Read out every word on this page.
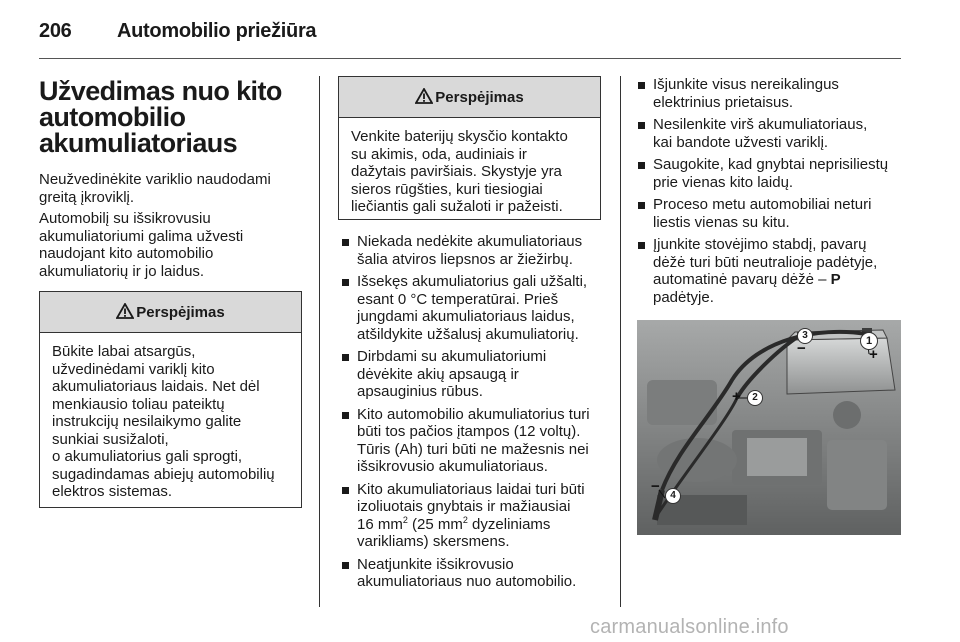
206 Automobilio priežiūra
Užvedimas nuo kito
automobilio
akumuliatoriaus
Neužvedinėkite variklio naudodami
greitą įkroviklį.
Automobilį su išsikrovusiu
akumuliatoriumi galima užvesti
naudojant kito automobilio
akumuliatorių ir jo laidus.
Perspėjimas
Būkite labai atsargūs,
užvedinėdami variklį kito
akumuliatoriaus laidais. Net dėl
menkiausio toliau pateiktų
instrukcijų nesilaikymo galite
sunkiai susižaloti,
o akumuliatorius gali sprogti,
sugadindamas abiejų automobilių
elektros sistemas.
Perspėjimas
Venkite baterijų skysčio kontakto
su akimis, oda, audiniais ir
dažytais paviršiais. Skystyje yra
sieros rūgšties, kuri tiesiogiai
liečiantis gali sužaloti ir pažeisti.
Niekada nedėkite akumuliatoriaus
šalia atviros liepsnos ar žiežirbų.
Išsekęs akumuliatorius gali užšalti,
esant 0 °C temperatūrai. Prieš
jungdami akumuliatoriaus laidus,
atšildykite užšalusį akumuliatorių.
Dirbdami su akumuliatoriumi
dėvėkite akių apsaugą ir
apsauginius rūbus.
Kito automobilio akumuliatorius turi
būti tos pačios įtampos (12 voltų).
Tūris (Ah) turi būti ne mažesnis nei
išsikrovusio akumuliatoriaus.
Kito akumuliatoriaus laidai turi būti
izoliuotais gnybtais ir mažiausiai
16 $mm^2$ (25 $mm^2$ dyzeliniams
varikliams) skersmens.
Neatjunkite išsikrovusio
akumuliatoriaus nuo automobilio.
Išjunkite visus nereikalingus
elektrinius prietaisus.
Nesilenkite virš akumuliatoriaus,
kai bandote užvesti variklį.
Saugokite, kad gnybtai neprisiliestų
prie vienas kito laidų.
Proceso metu automobiliai neturi
liestis vienas su kitu.
Įjunkite stovėjimo stabdį, pavarų
dėžė turi būti neutralioje padėtyje,
automatinė pavarų dėžė – P
padėtyje.
1
+
3
−
2
+
4
−
carmanualsonline.info
